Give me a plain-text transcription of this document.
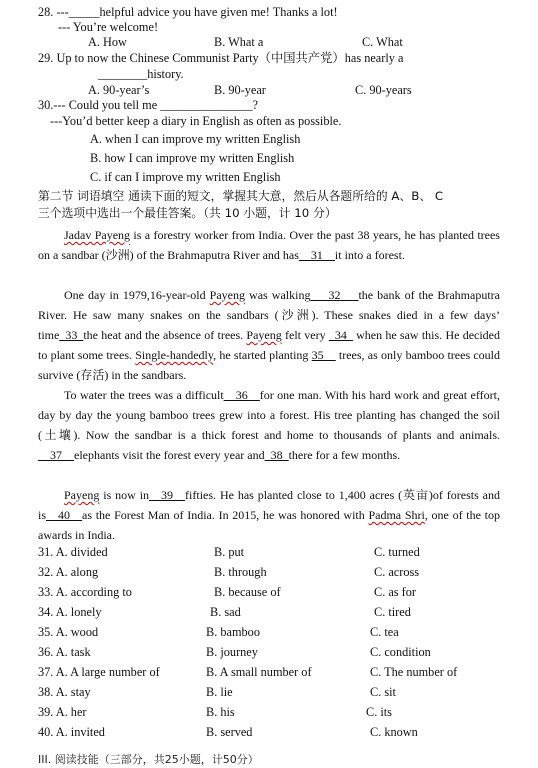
28. ---_____helpful advice you have given me! Thanks a lot!
--- You’re welcome!
A. How	B. What a	C. What
29. Up to now the Chinese Communist Party（中国共产党）has nearly a
________history.
A. 90-year’s	B. 90-year	C. 90-years
30.--- Could you tell me _______________?
---You’d better keep a diary in English as often as possible.
A. when I can improve my written English
B. how I can improve my written English
C. if can I improve my written English
第二节 词语填空 通读下面的短文，掌握其大意，然后从各题所给的 A、B、 C
三个选项中选出一个最佳答案。（共 10 小题，计 10 分）
Jadav Payeng is a forestry worker from India. Over the past 38 years, he has planted trees on a sandbar (沙洲) of the Brahmaputra River and has__31__it into a forest.
One day in 1979,16-year-old Payeng was walking___32___the bank of the Brahmaputra River. He saw many snakes on the sandbars (沙洲). These snakes died in a few days’ time_33_the heat and the absence of trees. Payeng felt very _34_ when he saw this. He decided to plant some trees. Single-handedly, he started planting 35__ trees, as only bamboo trees could survive (存活) in the sandbars.
To water the trees was a difficult__36__for one man. With his hard work and great effort, day by day the young bamboo trees grew into a forest. His tree planting has changed the soil (土壤). Now the sandbar is a thick forest and home to thousands of plants and animals. __37__elephants visit the forest every year and_38_there for a few months.
Payeng is now in__39__fifties. He has planted close to 1,400 acres (英亩)of forests and is__40__as the Forest Man of India. In 2015, he was honored with Padma Shri, one of the top awards in India.
31. A. divided	B. put	C. turned
32. A. along	B. through	C. across
33. A. according to	B. because of	C. as for
34. A. lonely	B. sad	C. tired
35. A. wood	B. bamboo	C. tea
36. A. task	B. journey	C. condition
37. A. A large number of	B. A small number of	C. The number of
38. A. stay	B. lie	C. sit
39. A. her	B. his	C. its
40. A. invited	B. served	C. known
III. 阅读技能（三部分，共25小题，计50分）
